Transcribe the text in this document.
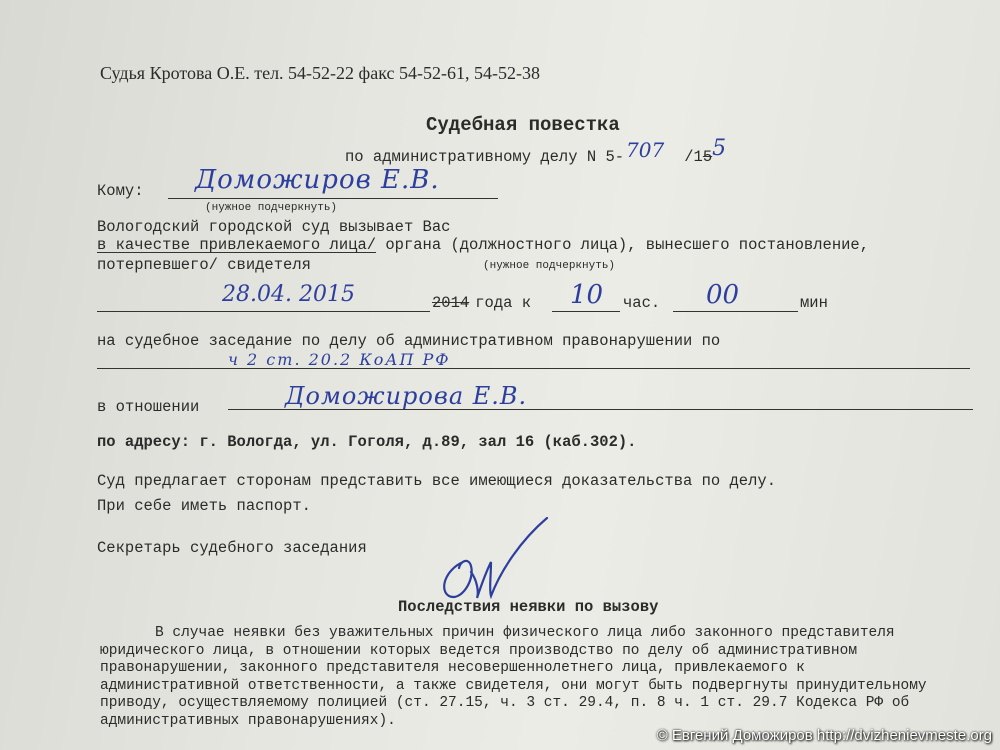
Судья Кротова О.Е. тел. 54-52-22 факс 54-52-61, 54-52-38
Судебная повестка
по административному делу N 5- 707 /155
Кому: Доможиров Е.В.
(нужное подчеркнуть)
Вологодский городской суд вызывает Вас
в качестве привлекаемого лица/ органа (должностного лица), вынесшего постановление,
потерпевшего/ свидетеля	(нужное подчеркнуть)
28.04. 2015	2014 года к 10 час. 00	мин
на судебное заседание по делу об административном правонарушении по
ч 2 ст. 20.2 КоАП РФ
в отношении	Доможирова Е.В.
по адресу: г. Вологда, ул. Гоголя, д.89, зал 16 (каб.302).
Суд предлагает сторонам представить все имеющиеся доказательства по делу.
При себе иметь паспорт.
Секретарь судебного заседания
Последствия неявки по вызову
В случае неявки без уважительных причин физического лица либо законного представителя
юридического лица, в отношении которых ведется производство по делу об административном
правонарушении, законного представителя несовершеннолетнего лица, привлекаемого к
административной ответственности, а также свидетеля, они могут быть подвергнуты принудительному
приводу, осуществляемому полицией (ст. 27.15, ч. 3 ст. 29.4, п. 8 ч. 1 ст. 29.7 Кодекса РФ об
административных правонарушениях).
© Евгений Доможиров http://dvizhenievmeste.org
